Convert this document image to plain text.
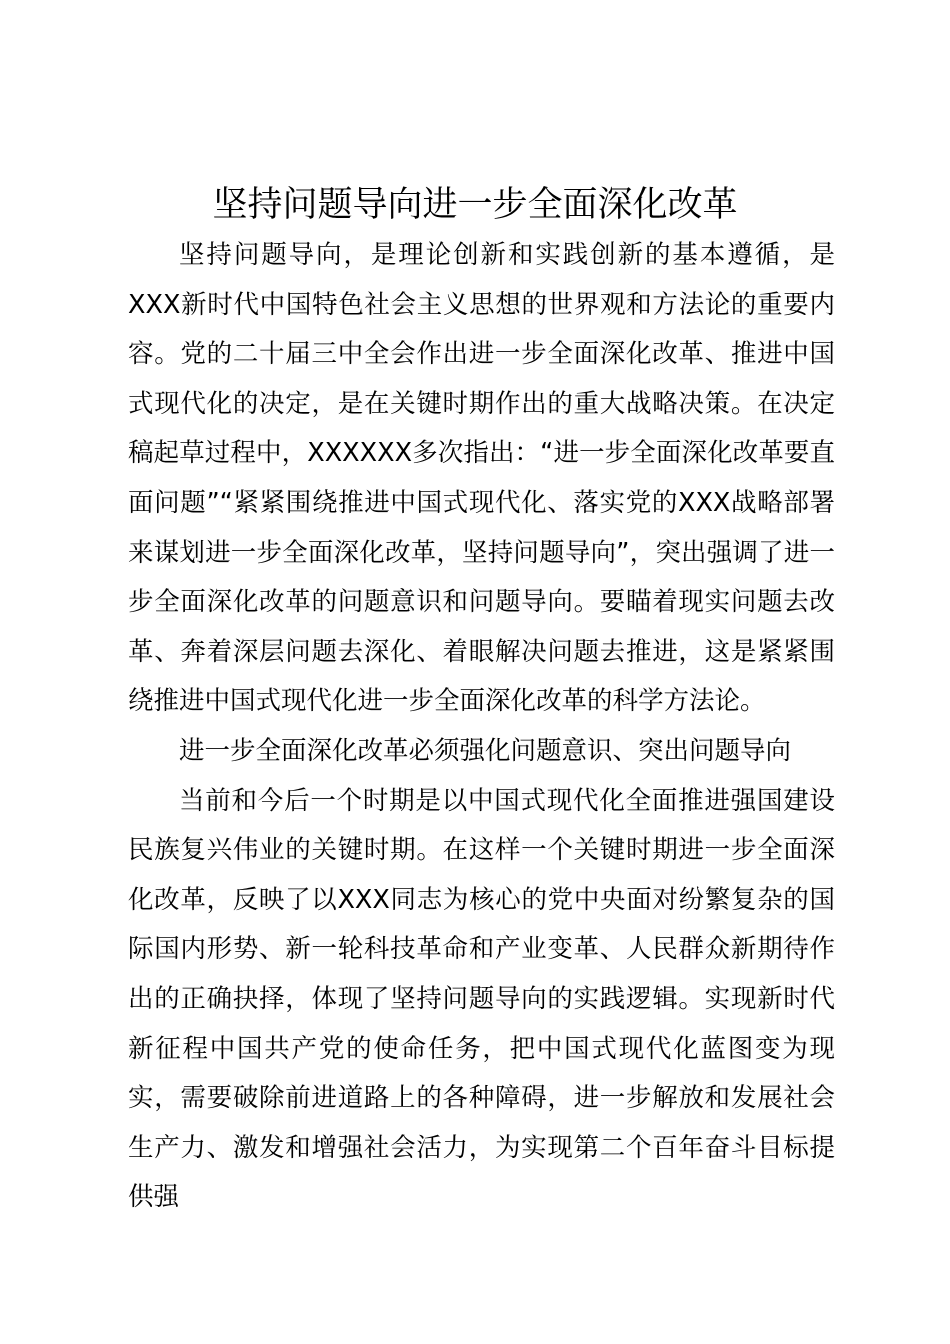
坚持问题导向进一步全面深化改革

坚持问题导向，是理论创新和实践创新的基本遵循，是XXX新时代中国特色社会主义思想的世界观和方法论的重要内容。党的二十届三中全会作出进一步全面深化改革、推进中国式现代化的决定，是在关键时期作出的重大战略决策。在决定稿起草过程中，XXXXXX多次指出：“进一步全面深化改革要直面问题”“紧紧围绕推进中国式现代化、落实党的XXX战略部署来谋划进一步全面深化改革，坚持问题导向”，突出强调了进一步全面深化改革的问题意识和问题导向。要瞄着现实问题去改革、奔着深层问题去深化、着眼解决问题去推进，这是紧紧围绕推进中国式现代化进一步全面深化改革的科学方法论。

进一步全面深化改革必须强化问题意识、突出问题导向

当前和今后一个时期是以中国式现代化全面推进强国建设民族复兴伟业的关键时期。在这样一个关键时期进一步全面深化改革，反映了以XXX同志为核心的党中央面对纷繁复杂的国际国内形势、新一轮科技革命和产业变革、人民群众新期待作出的正确抉择，体现了坚持问题导向的实践逻辑。实现新时代新征程中国共产党的使命任务，把中国式现代化蓝图变为现实，需要破除前进道路上的各种障碍，进一步解放和发展社会生产力、激发和增强社会活力，为实现第二个百年奋斗目标提供强
